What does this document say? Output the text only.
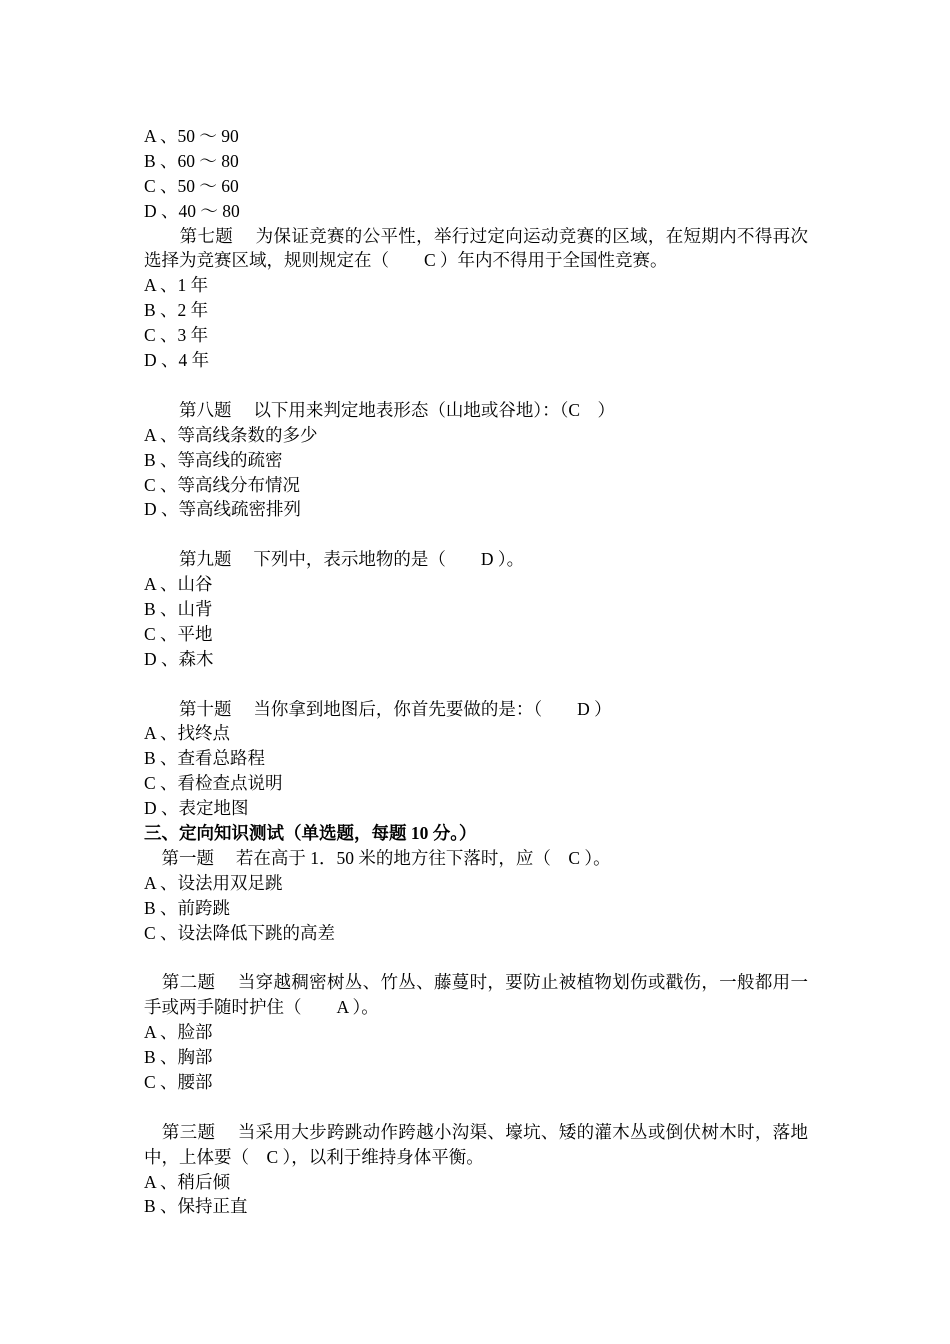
A 、50 ～ 90
B 、60 ～ 80
C 、50 ～ 60
D 、40 ～ 80
　　第七题　 为保证竞赛的公平性，举行过定向运动竞赛的区域，在短期内不得再次选择为竞赛区域，规则规定在（　　C ）年内不得用于全国性竞赛。
A 、1 年
B 、2 年
C 、3 年
D 、4 年
　　第八题　 以下用来判定地表形态（山地或谷地）：（C　）
A 、等高线条数的多少
B 、等高线的疏密
C 、等高线分布情况
D 、等高线疏密排列
　　第九题　 下列中，表示地物的是（　　D ）。
A 、山谷
B 、山背
C 、平地
D 、森木
　　第十题　 当你拿到地图后，你首先要做的是：（　　D ）
A 、找终点
B 、查看总路程
C 、看检查点说明
D 、表定地图
三、定向知识测试（单选题，每题 10 分。）
　第一题　 若在高于 1．50 米的地方往下落时，应（　C ）。
A 、设法用双足跳
B 、前跨跳
C 、设法降低下跳的高差
　第二题　 当穿越稠密树丛、竹丛、藤蔓时，要防止被植物划伤或戳伤，一般都用一手或两手随时护住（　　A ）。
A 、脸部
B 、胸部
C 、腰部
　第三题　 当采用大步跨跳动作跨越小沟渠、壕坑、矮的灌木丛或倒伏树木时，落地中，上体要（　C ），以利于维持身体平衡。
A 、稍后倾
B 、保持正直
